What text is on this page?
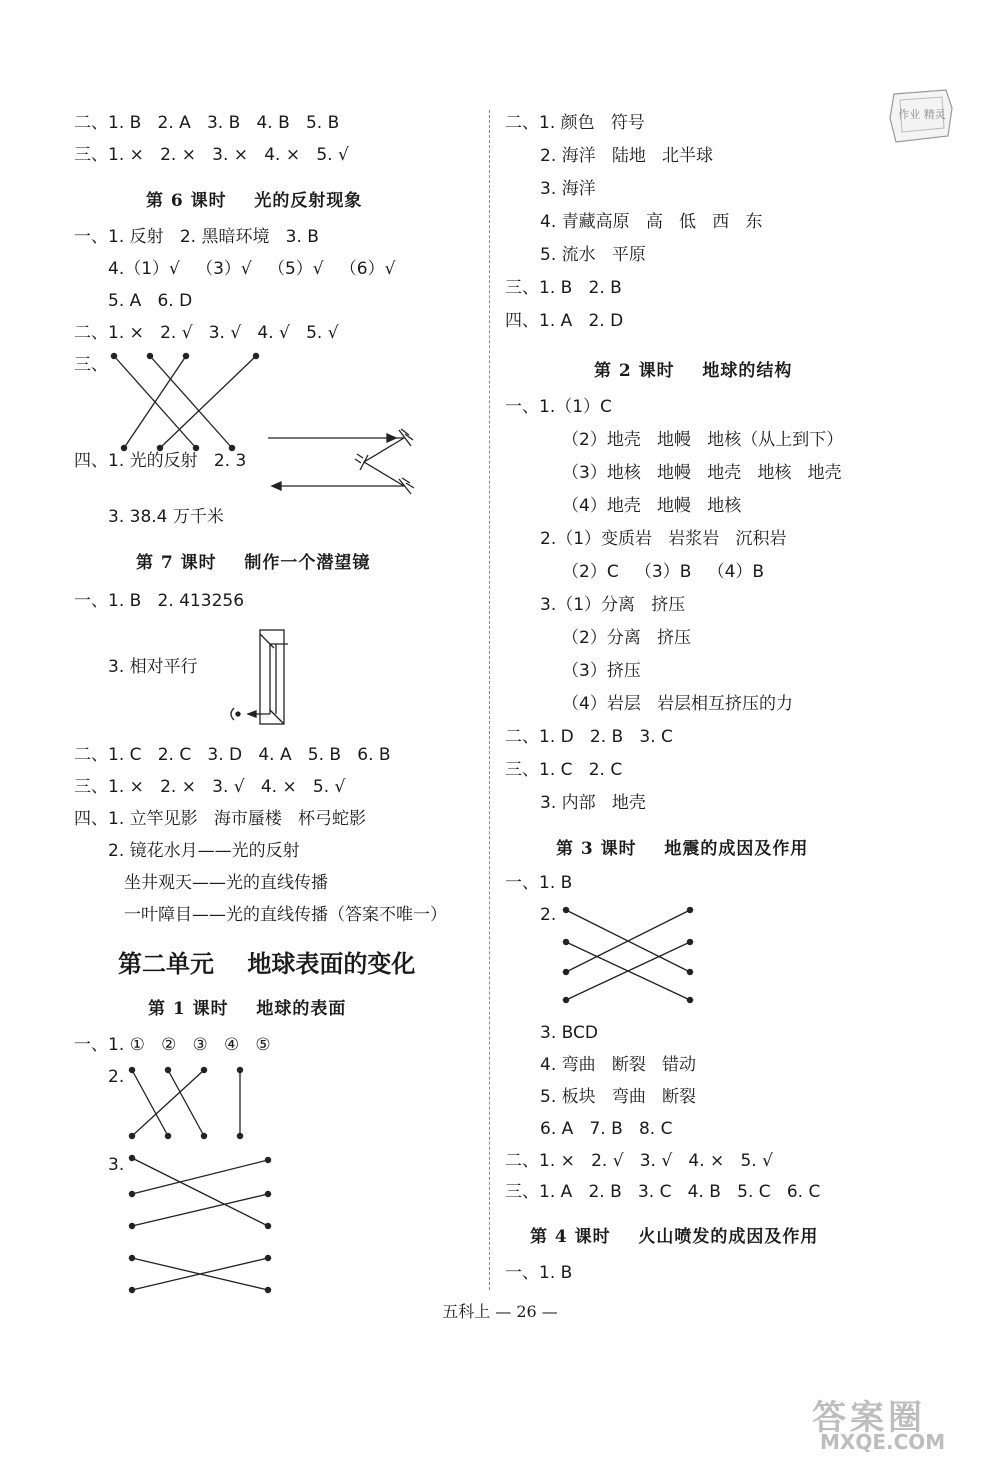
二、1. B   2. A   3. B   4. B   5. B
三、1. ×   2. ×   3. ×   4. ×   5. √
第 6 课时    光的反射现象
一、1. 反射   2. 黑暗环境   3. B
4.（1）√   （3）√   （5）√   （6）√
5. A   6. D
二、1. ×   2. √   3. √   4. √   5. √
三、
四、1. 光的反射   2. 3
3. 38.4 万千米
第 7 课时    制作一个潜望镜
一、1. B   2. 413256
3. 相对平行
二、1. C   2. C   3. D   4. A   5. B   6. B
三、1. ×   2. ×   3. √   4. ×   5. √
四、1. 立竿见影   海市蜃楼   杯弓蛇影
2. 镜花水月——光的反射
坐井观天——光的直线传播
一叶障目——光的直线传播（答案不唯一）
第二单元    地球表面的变化
第 1 课时    地球的表面
一、1. ①   ②   ③   ④   ⑤
2.
3.
二、1. 颜色   符号
2. 海洋   陆地   北半球
3. 海洋
4. 青藏高原   高   低   西   东
5. 流水   平原
三、1. B   2. B
四、1. A   2. D
第 2 课时    地球的结构
一、1.（1）C
（2）地壳   地幔   地核（从上到下）
（3）地核   地幔   地壳   地核   地壳
（4）地壳   地幔   地核
2.（1）变质岩   岩浆岩   沉积岩
（2）C   （3）B   （4）B
3.（1）分离   挤压
（2）分离   挤压
（3）挤压
（4）岩层   岩层相互挤压的力
二、1. D   2. B   3. C
三、1. C   2. C
3. 内部   地壳
第 3 课时    地震的成因及作用
一、1. B
2.
3. BCD
4. 弯曲   断裂   错动
5. 板块   弯曲   断裂
6. A   7. B   8. C
二、1. ×   2. √   3. √   4. ×   5. √
三、1. A   2. B   3. C   4. B   5. C   6. C
第 4 课时    火山喷发的成因及作用
一、1. B
五科上 — 26 —
作业 精灵
答案圈
MXQE.COM
